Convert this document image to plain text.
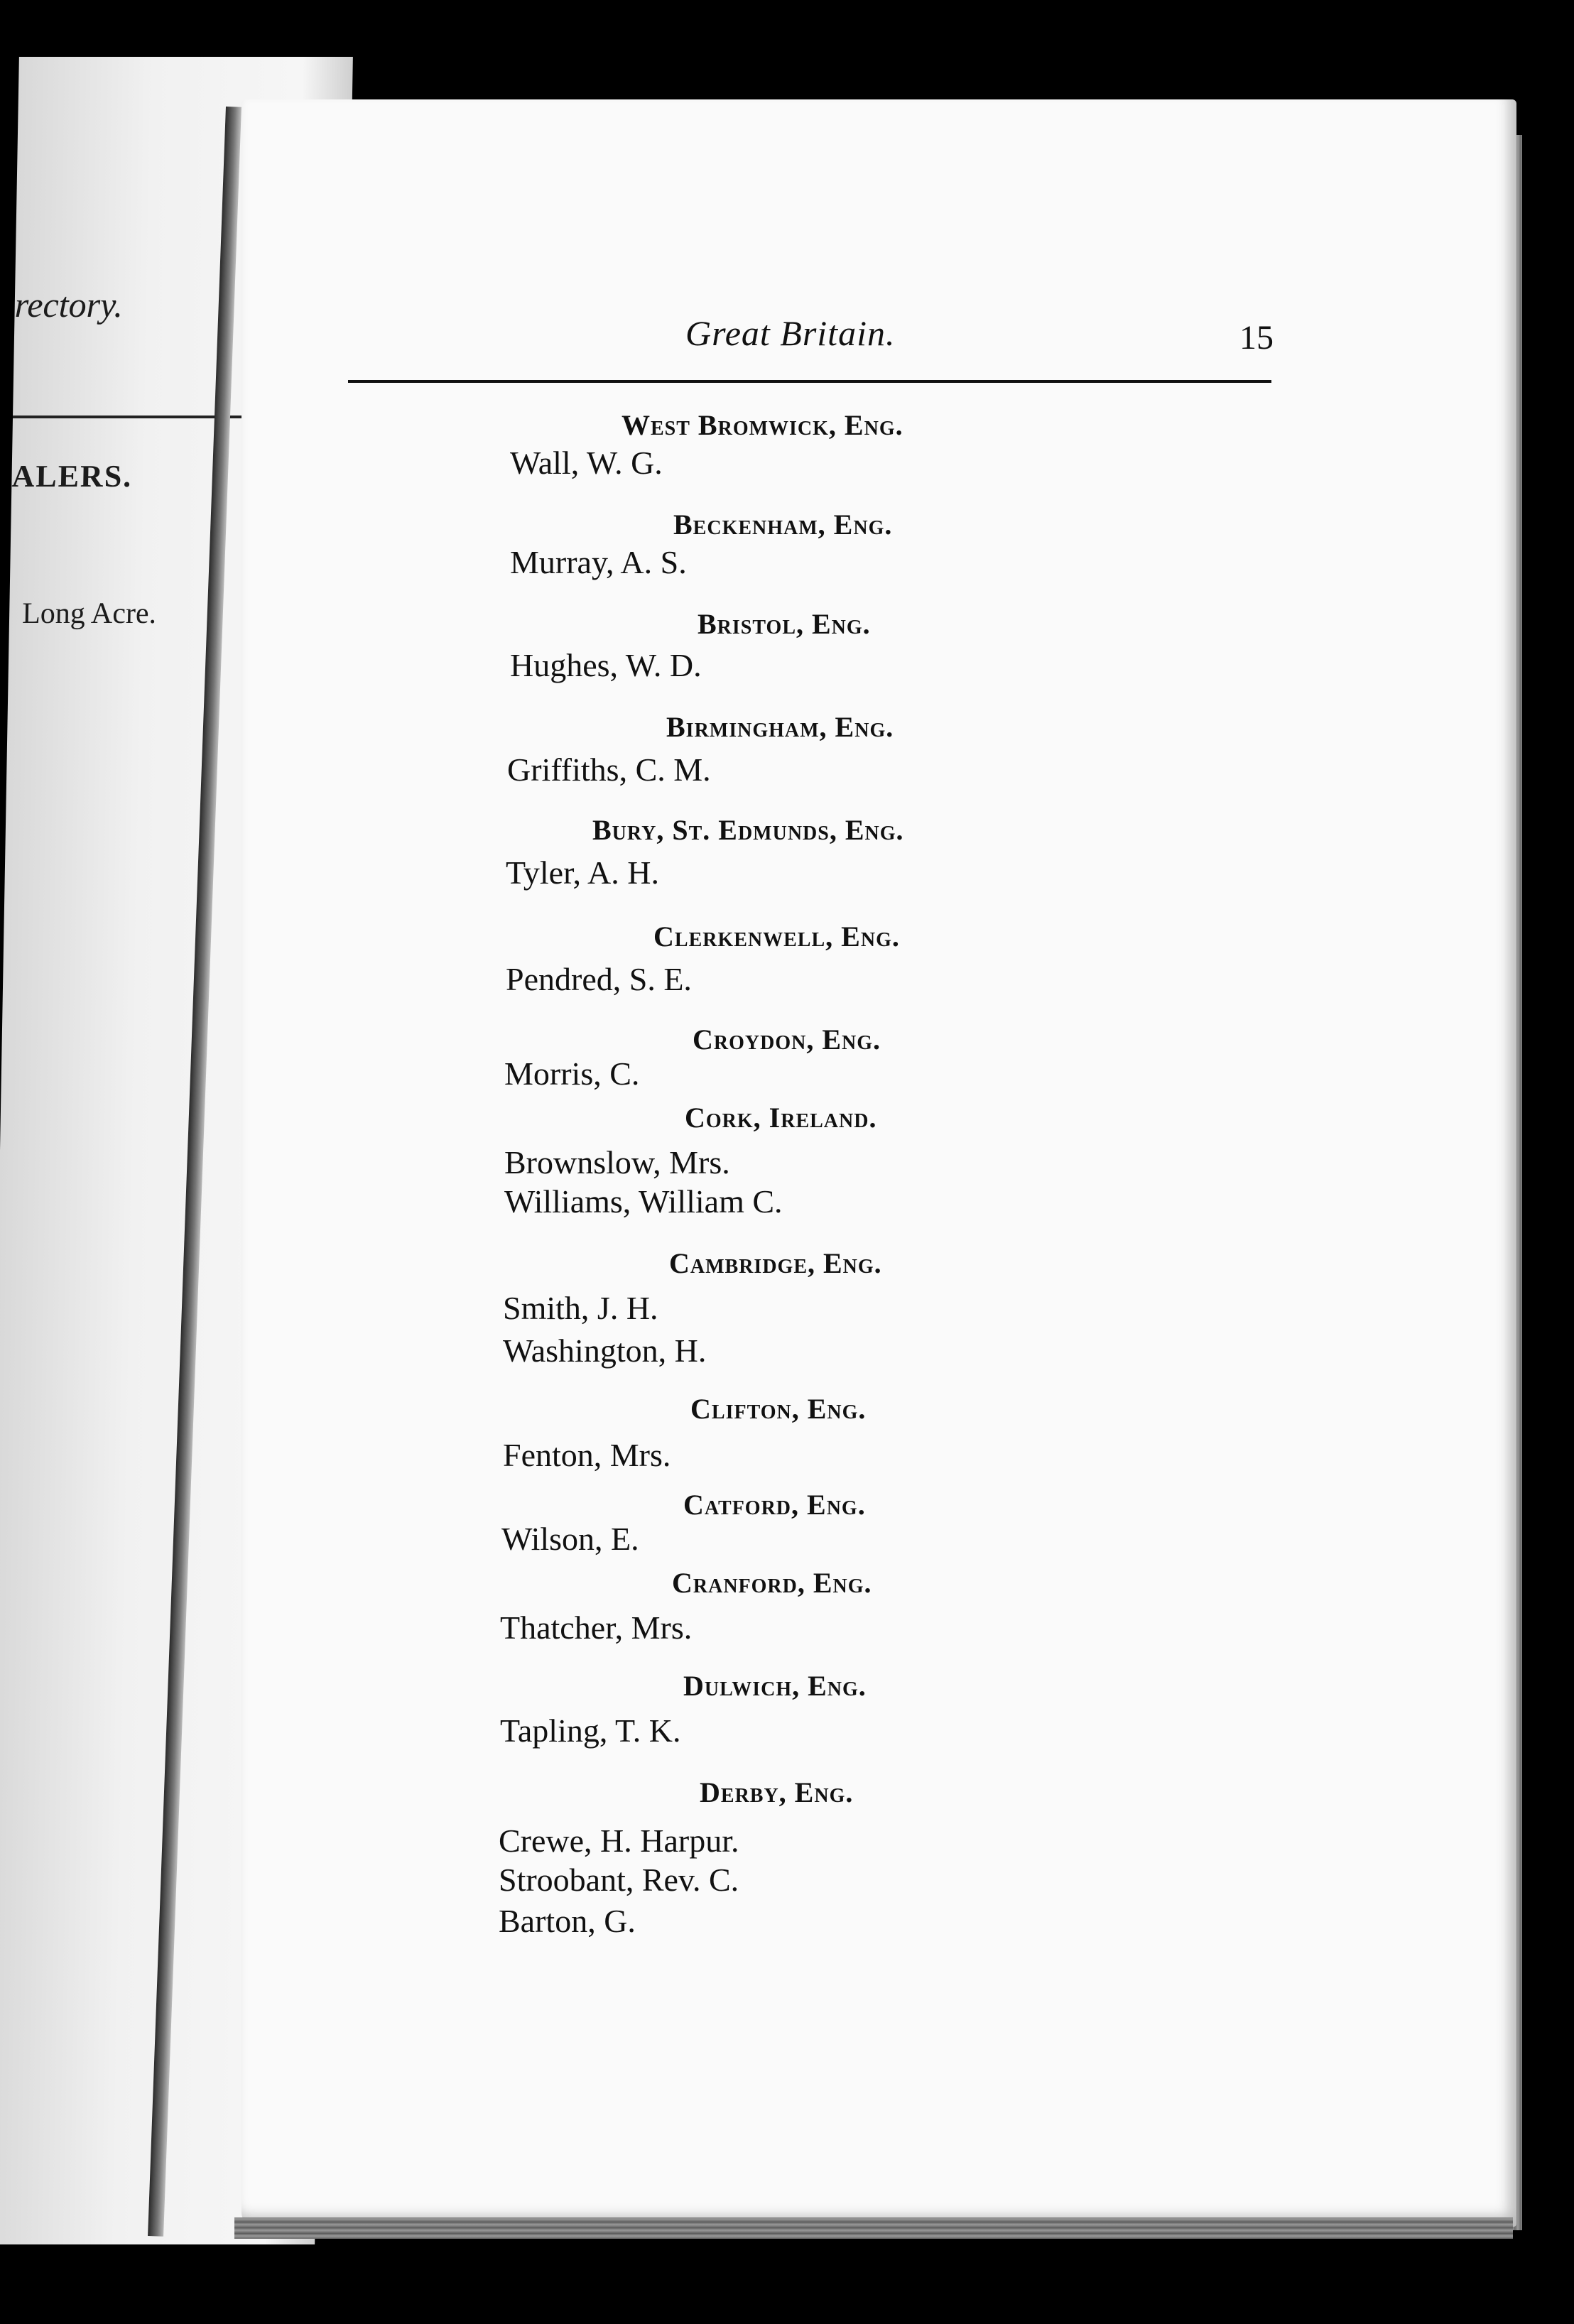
rectory.
ALERS.
Long Acre.
Great Britain.	15
West Bromwick, Eng.
Wall, W. G.
Beckenham, Eng.
Murray, A. S.
Bristol, Eng.
Hughes, W. D.
Birmingham, Eng.
Griffiths, C. M.
Bury, St. Edmunds, Eng.
Tyler, A. H.
Clerkenwell, Eng.
Pendred, S. E.
Croydon, Eng.
Morris, C.
Cork, Ireland.
Brownslow, Mrs.
Williams, William C.
Cambridge, Eng.
Smith, J. H.
Washington, H.
Clifton, Eng.
Fenton, Mrs.
Catford, Eng.
Wilson, E.
Cranford, Eng.
Thatcher, Mrs.
Dulwich, Eng.
Tapling, T. K.
Derby, Eng.
Crewe, H. Harpur.
Stroobant, Rev. C.
Barton, G.
